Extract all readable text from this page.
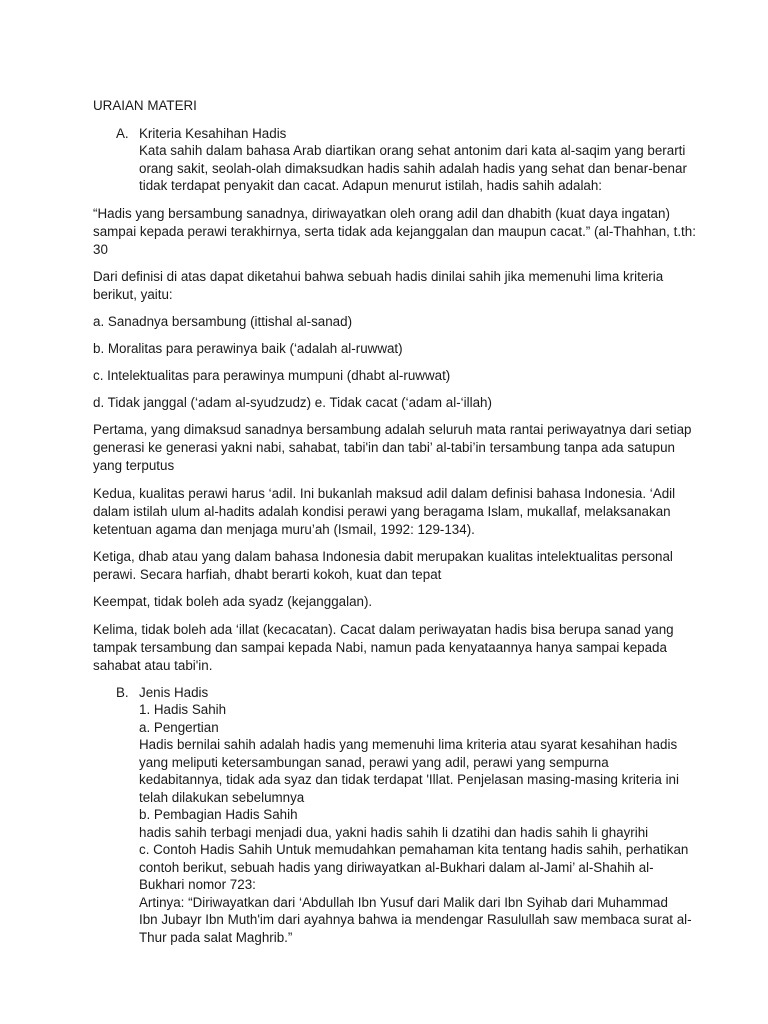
URAIAN MATERI
A. Kriteria Kesahihan Hadis
Kata sahih dalam bahasa Arab diartikan orang sehat antonim dari kata al-saqim yang berarti
orang sakit, seolah-olah dimaksudkan hadis sahih adalah hadis yang sehat dan benar-benar
tidak terdapat penyakit dan cacat. Adapun menurut istilah, hadis sahih adalah:
“Hadis yang bersambung sanadnya, diriwayatkan oleh orang adil dan dhabith (kuat daya ingatan)
sampai kepada perawi terakhirnya, serta tidak ada kejanggalan dan maupun cacat.” (al-Thahhan, t.th:
30
Dari definisi di atas dapat diketahui bahwa sebuah hadis dinilai sahih jika memenuhi lima kriteria
berikut, yaitu:
a. Sanadnya bersambung (ittishal al-sanad)
b. Moralitas para perawinya baik (‘adalah al-ruwwat)
c. Intelektualitas para perawinya mumpuni (dhabt al-ruwwat)
d. Tidak janggal (‘adam al-syudzudz) e. Tidak cacat (‘adam al-‘illah)
Pertama, yang dimaksud sanadnya bersambung adalah seluruh mata rantai periwayatnya dari setiap
generasi ke generasi yakni nabi, sahabat, tabi'in dan tabi’ al-tabi’in tersambung tanpa ada satupun
yang terputus
Kedua, kualitas perawi harus ‘adil. Ini bukanlah maksud adil dalam definisi bahasa Indonesia. ‘Adil
dalam istilah ulum al-hadits adalah kondisi perawi yang beragama Islam, mukallaf, melaksanakan
ketentuan agama dan menjaga muru’ah (Ismail, 1992: 129-134).
Ketiga, dhab atau yang dalam bahasa Indonesia dabit merupakan kualitas intelektualitas personal
perawi. Secara harfiah, dhabt berarti kokoh, kuat dan tepat
Keempat, tidak boleh ada syadz (kejanggalan).
Kelima, tidak boleh ada ‘illat (kecacatan). Cacat dalam periwayatan hadis bisa berupa sanad yang
tampak tersambung dan sampai kepada Nabi, namun pada kenyataannya hanya sampai kepada
sahabat atau tabi'in.
B. Jenis Hadis
1. Hadis Sahih
a. Pengertian
Hadis bernilai sahih adalah hadis yang memenuhi lima kriteria atau syarat kesahihan hadis
yang meliputi ketersambungan sanad, perawi yang adil, perawi yang sempurna
kedabitannya, tidak ada syaz dan tidak terdapat 'Illat. Penjelasan masing-masing kriteria ini
telah dilakukan sebelumnya
b. Pembagian Hadis Sahih
hadis sahih terbagi menjadi dua, yakni hadis sahih li dzatihi dan hadis sahih li ghayrihi
c. Contoh Hadis Sahih Untuk memudahkan pemahaman kita tentang hadis sahih, perhatikan
contoh berikut, sebuah hadis yang diriwayatkan al-Bukhari dalam al-Jami’ al-Shahih al-
Bukhari nomor 723:
Artinya: “Diriwayatkan dari ‘Abdullah Ibn Yusuf dari Malik dari Ibn Syihab dari Muhammad
Ibn Jubayr Ibn Muth'im dari ayahnya bahwa ia mendengar Rasulullah saw membaca surat al-
Thur pada salat Maghrib.”
